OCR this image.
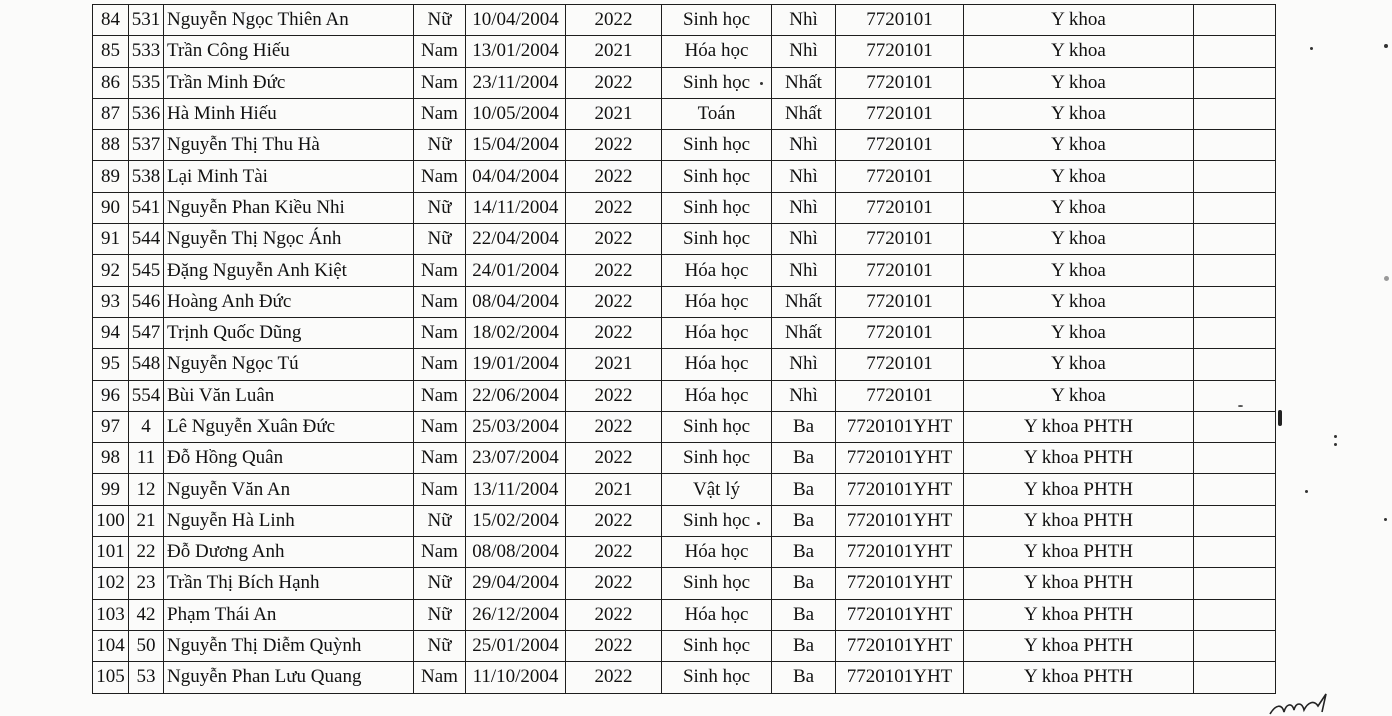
84	531	Nguyễn Ngọc Thiên An	Nữ	10/04/2004	2022	Sinh học	Nhì	7720101	Y khoa	
85	533	Trần Công Hiếu	Nam	13/01/2004	2021	Hóa học	Nhì	7720101	Y khoa	
86	535	Trần Minh Đức	Nam	23/11/2004	2022	Sinh học	Nhất	7720101	Y khoa	
87	536	Hà Minh Hiếu	Nam	10/05/2004	2021	Toán	Nhất	7720101	Y khoa	
88	537	Nguyễn Thị Thu Hà	Nữ	15/04/2004	2022	Sinh học	Nhì	7720101	Y khoa	
89	538	Lại Minh Tài	Nam	04/04/2004	2022	Sinh học	Nhì	7720101	Y khoa	
90	541	Nguyễn Phan Kiều Nhi	Nữ	14/11/2004	2022	Sinh học	Nhì	7720101	Y khoa	
91	544	Nguyễn Thị Ngọc Ánh	Nữ	22/04/2004	2022	Sinh học	Nhì	7720101	Y khoa	
92	545	Đặng Nguyễn Anh Kiệt	Nam	24/01/2004	2022	Hóa học	Nhì	7720101	Y khoa	
93	546	Hoàng Anh Đức	Nam	08/04/2004	2022	Hóa học	Nhất	7720101	Y khoa	
94	547	Trịnh Quốc Dũng	Nam	18/02/2004	2022	Hóa học	Nhất	7720101	Y khoa	
95	548	Nguyễn Ngọc Tú	Nam	19/01/2004	2021	Hóa học	Nhì	7720101	Y khoa	
96	554	Bùi Văn Luân	Nam	22/06/2004	2022	Hóa học	Nhì	7720101	Y khoa	
97	4	Lê Nguyễn Xuân Đức	Nam	25/03/2004	2022	Sinh học	Ba	7720101YHT	Y khoa PHTH	
98	11	Đỗ Hồng Quân	Nam	23/07/2004	2022	Sinh học	Ba	7720101YHT	Y khoa PHTH	
99	12	Nguyễn Văn An	Nam	13/11/2004	2021	Vật lý	Ba	7720101YHT	Y khoa PHTH	
100	21	Nguyễn Hà Linh	Nữ	15/02/2004	2022	Sinh học	Ba	7720101YHT	Y khoa PHTH	
101	22	Đỗ Dương Anh	Nam	08/08/2004	2022	Hóa học	Ba	7720101YHT	Y khoa PHTH	
102	23	Trần Thị Bích Hạnh	Nữ	29/04/2004	2022	Sinh học	Ba	7720101YHT	Y khoa PHTH	
103	42	Phạm Thái An	Nữ	26/12/2004	2022	Hóa học	Ba	7720101YHT	Y khoa PHTH	
104	50	Nguyễn Thị Diễm Quỳnh	Nữ	25/01/2004	2022	Sinh học	Ba	7720101YHT	Y khoa PHTH	
105	53	Nguyễn Phan Lưu Quang	Nam	11/10/2004	2022	Sinh học	Ba	7720101YHT	Y khoa PHTH	
